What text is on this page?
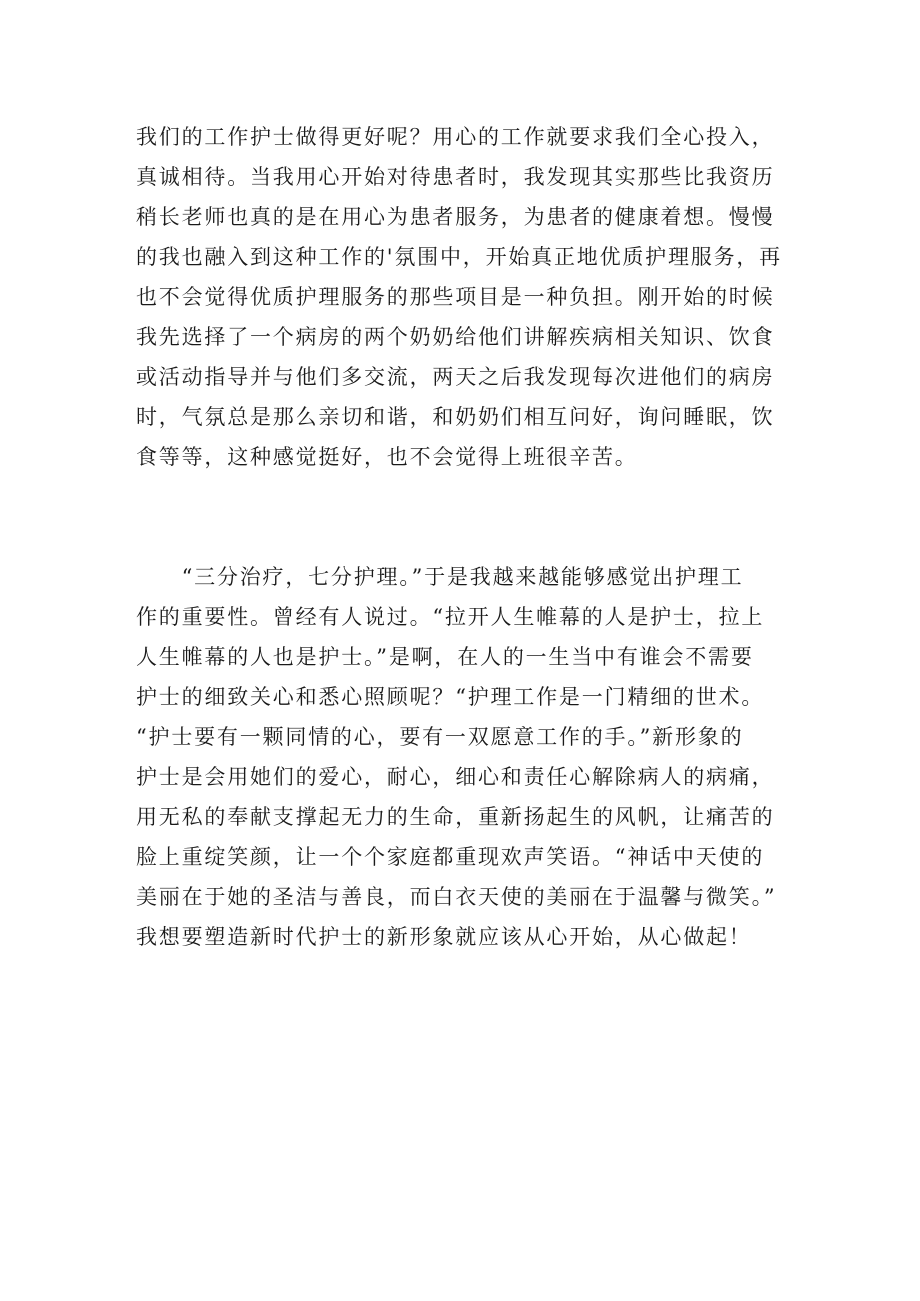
我们的工作护士做得更好呢？用心的工作就要求我们全心投入，
真诚相待。当我用心开始对待患者时，我发现其实那些比我资历
稍长老师也真的是在用心为患者服务，为患者的健康着想。慢慢
的我也融入到这种工作的'氛围中，开始真正地优质护理服务，再
也不会觉得优质护理服务的那些项目是一种负担。刚开始的时候
我先选择了一个病房的两个奶奶给他们讲解疾病相关知识、饮食
或活动指导并与他们多交流，两天之后我发现每次进他们的病房
时，气氛总是那么亲切和谐，和奶奶们相互问好，询问睡眠，饮
食等等，这种感觉挺好，也不会觉得上班很辛苦。
　　“三分治疗，七分护理。”于是我越来越能够感觉出护理工
作的重要性。曾经有人说过。“拉开人生帷幕的人是护士，拉上
人生帷幕的人也是护士。”是啊，在人的一生当中有谁会不需要
护士的细致关心和悉心照顾呢？“护理工作是一门精细的世术。
“护士要有一颗同情的心，要有一双愿意工作的手。”新形象的
护士是会用她们的爱心，耐心，细心和责任心解除病人的病痛，
用无私的奉献支撑起无力的生命，重新扬起生的风帆，让痛苦的
脸上重绽笑颜，让一个个家庭都重现欢声笑语。“神话中天使的
美丽在于她的圣洁与善良，而白衣天使的美丽在于温馨与微笑。”
我想要塑造新时代护士的新形象就应该从心开始，从心做起！
